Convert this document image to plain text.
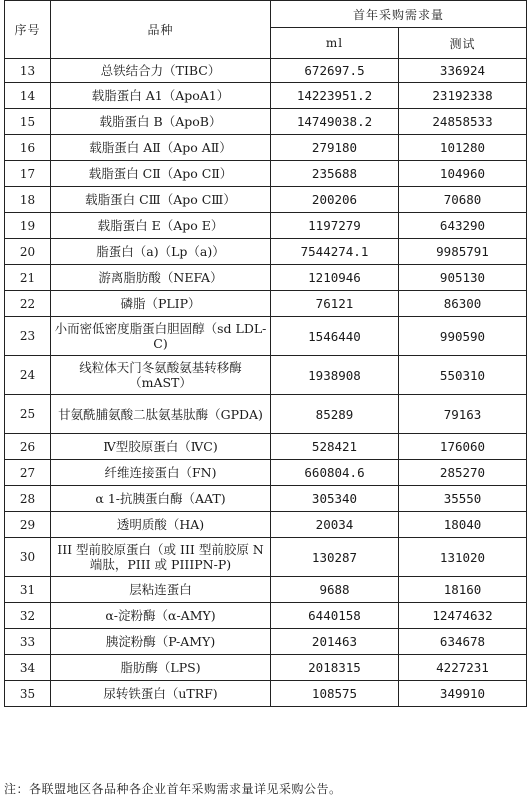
序号	品种	首年采购需求量	
		ml	测试
13	总铁结合力（TIBC）	672697.5	336924
14	载脂蛋白 A1（ApoA1）	14223951.2	23192338
15	载脂蛋白 B（ApoB）	14749038.2	24858533
16	载脂蛋白 AⅡ（Apo AⅡ）	279180	101280
17	载脂蛋白 CⅡ（Apo CⅡ）	235688	104960
18	载脂蛋白 CⅢ（Apo CⅢ）	200206	70680
19	载脂蛋白 E（Apo E）	1197279	643290
20	脂蛋白（a)（Lp（a)）	7544274.1	9985791
21	游离脂肪酸（NEFA）	1210946	905130
22	磷脂（PLIP）	76121	86300
23	小而密低密度脂蛋白胆固醇（sd LDL-C)	1546440	990590
24	线粒体天门冬氨酸氨基转移酶（mAST）	1938908	550310
25	甘氨酰脯氨酸二肽氨基肽酶（GPDA)	85289	79163
26	Ⅳ型胶原蛋白（ⅣC)	528421	176060
27	纤维连接蛋白（FN)	660804.6	285270
28	α 1-抗胰蛋白酶（AAT)	305340	35550
29	透明质酸（HA)	20034	18040
30	III 型前胶原蛋白（或 III 型前胶原 N 端肽，PIII 或 PIIIPN-P)	130287	131020
31	层粘连蛋白	9688	18160
32	α-淀粉酶（α-AMY)	6440158	12474632
33	胰淀粉酶（P-AMY)	201463	634678
34	脂肪酶（LPS)	2018315	4227231
35	尿转铁蛋白（uTRF)	108575	349910
注：各联盟地区各品种各企业首年采购需求量详见采购公告。
